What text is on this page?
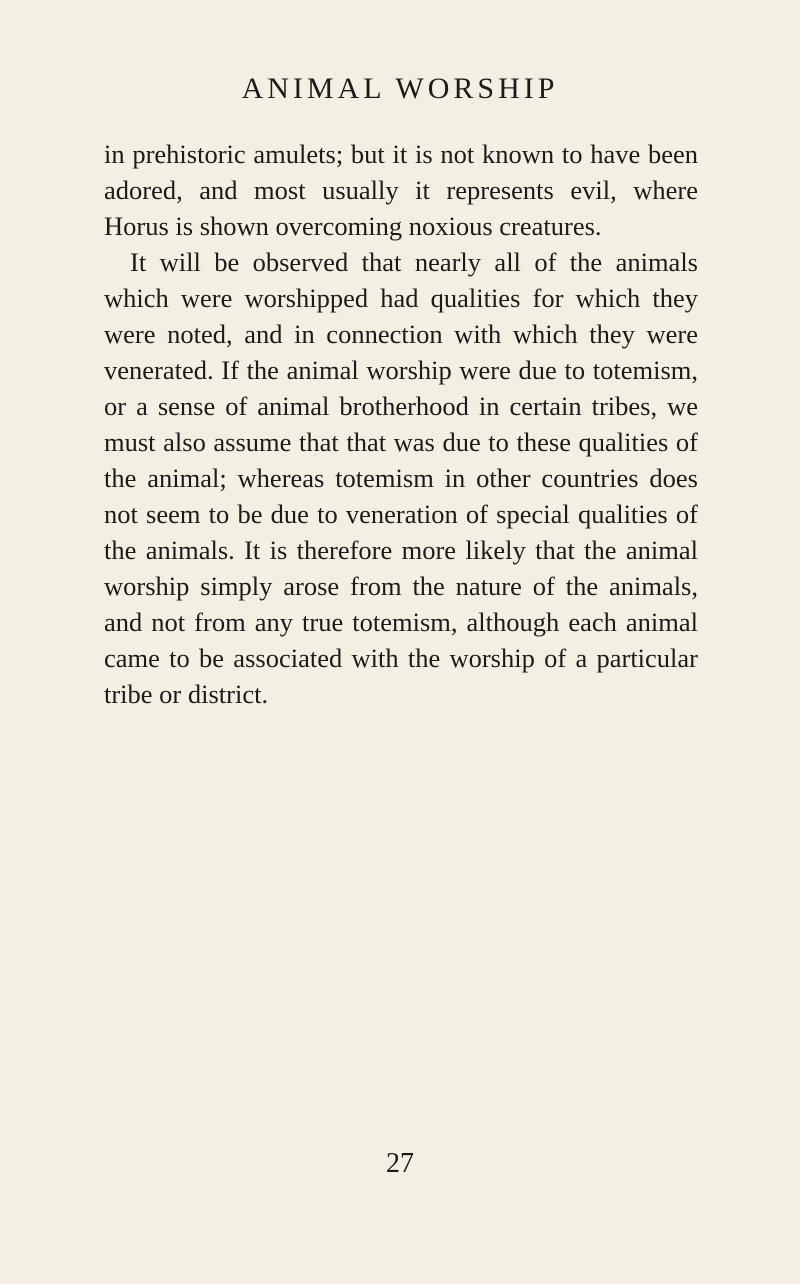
ANIMAL WORSHIP

in prehistoric amulets; but it is not known to have been adored, and most usually it represents evil, where Horus is shown overcoming noxious creatures.

It will be observed that nearly all of the animals which were worshipped had qualities for which they were noted, and in connection with which they were venerated. If the animal worship were due to totemism, or a sense of animal brotherhood in certain tribes, we must also assume that that was due to these qualities of the animal; whereas totemism in other countries does not seem to be due to veneration of special qualities of the animals. It is therefore more likely that the animal worship simply arose from the nature of the animals, and not from any true totemism, although each animal came to be associated with the worship of a particular tribe or district.

27
